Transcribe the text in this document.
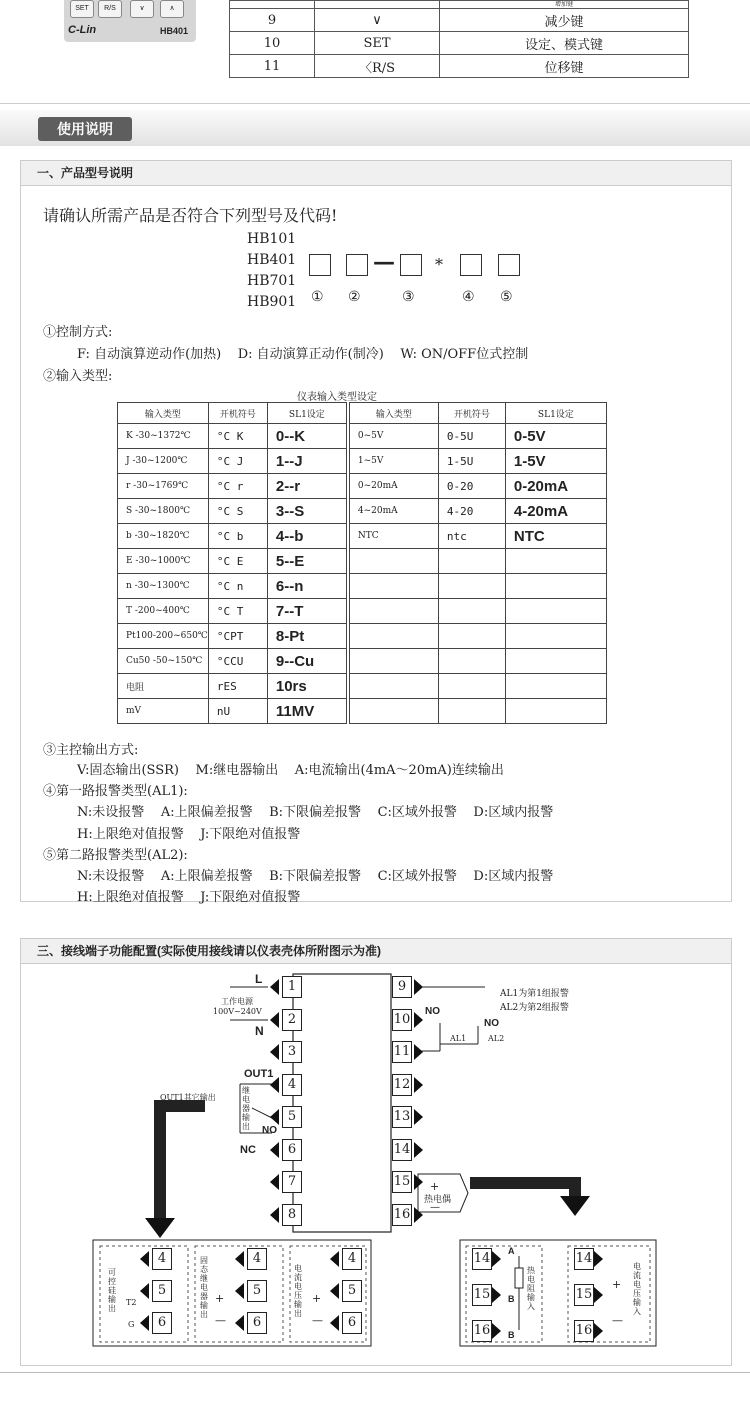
SET	R/S	∨	∧
C-Lin	HB401
		增加键
9	∨	减少键
10	SET	设定、模式键
11	〈R/S	位移键
使用说明
一、产品型号说明
请确认所需产品是否符合下列型号及代码!
HB101
HB401
HB701
HB901
—	*
① ②	③	④ ⑤
①控制方式:
F: 自动演算逆动作(加热)    D: 自动演算正动作(制冷)    W: ON/OFF位式控制
②输入类型:
仪表输入类型设定
③主控输出方式:
V:固态输出(SSR)    M:继电器输出    A:电流输出(4mA～20mA)连续输出
④第一路报警类型(AL1):
N:未设报警    A:上限偏差报警    B:下限偏差报警    C:区域外报警    D:区域内报警
H:上限绝对值报警    J:下限绝对值报警
⑤第二路报警类型(AL2):
N:未设报警    A:上限偏差报警    B:下限偏差报警    C:区域外报警    D:区域内报警
H:上限绝对值报警    J:下限绝对值报警
输入类型	开机符号	SL1设定	输入类型	开机符号	SL1设定
K -30~1372℃	°C K	0--K	0~5V	0-5U	0-5V
J -30~1200℃	°C J	1--J	1~5V	1-5U	1-5V
r -30~1769℃	°C r	2--r	0~20mA	0-20	0-20mA
S -30~1800℃	°C S	3--S	4~20mA	4-20	4-20mA
b -30~1820℃	°C b	4--b	NTC	ntc	NTC
E -30~1000℃	°C E	5--E			
n -30~1300℃	°C n	6--n			
T -200~400℃	°C T	7--T			
Pt100-200~650℃	°CPT	8-Pt			
Cu50 -50~150℃	°CCU	9--Cu			
电阻	rES	10rs			
mV	nU	11MV			
三、接线端子功能配置(实际使用接线请以仪表壳体所附图示为准)
1
2
3
4
5
6
7
8
9
10
11
12
13
14
15
16
4
5
6
4
5
6
4
5
6
14
15
16
14
15
16
L
工作电源
100V~240V
N
OUT1
继电器输出 NO
NC
OUT1其它输出
AL1为第1组报警
AL2为第2组报警
NO
NO
AL1	AL2
+
热电偶
—
其它信号输出
可控硅输出
T2
G
固态继电器输出
+
—
电流电压输出
+
—
热电阻输入
A
B
B
电流电压输入
+
—
